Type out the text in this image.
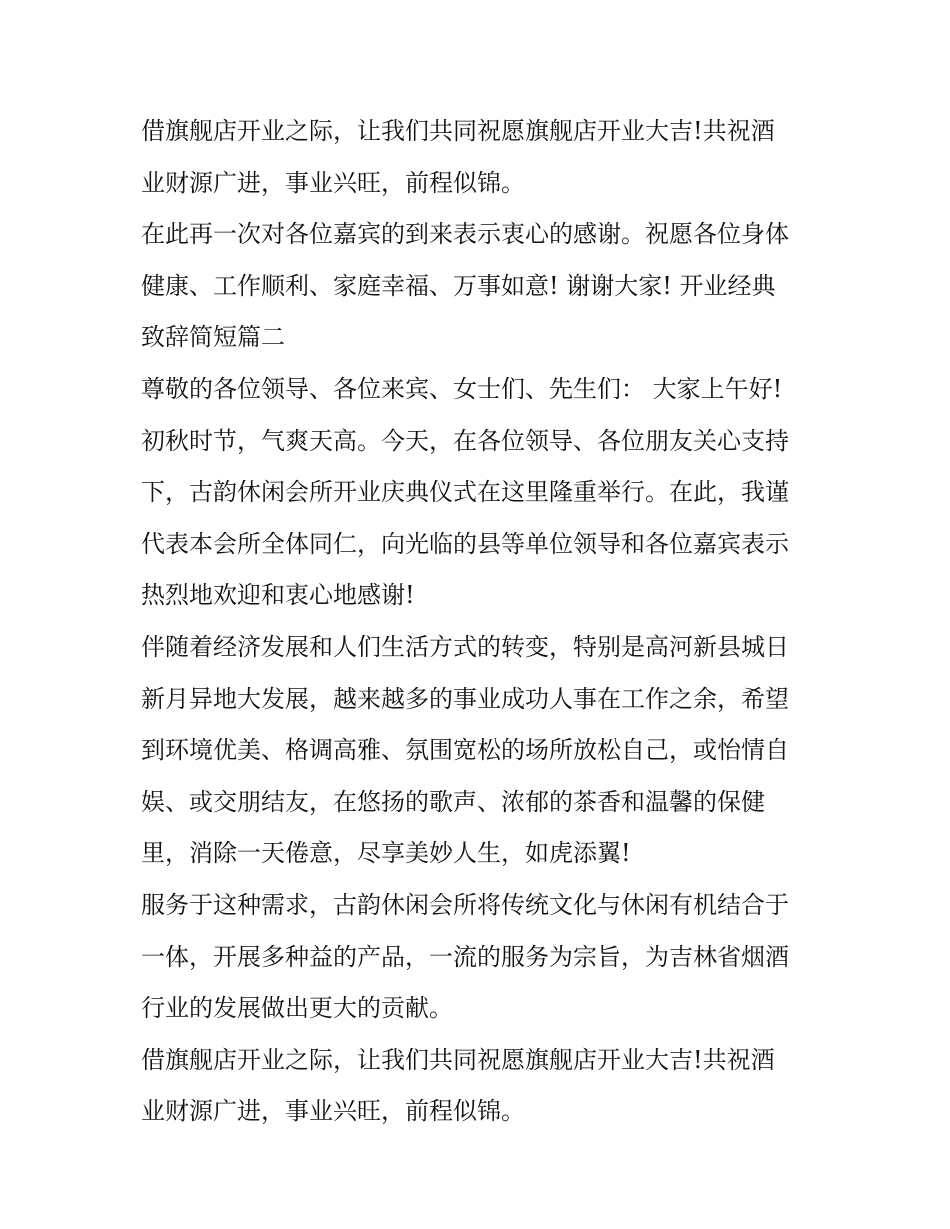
借旗舰店开业之际，让我们共同祝愿旗舰店开业大吉!共祝酒
业财源广进，事业兴旺，前程似锦。
在此再一次对各位嘉宾的到来表示衷心的感谢。祝愿各位身体
健康、工作顺利、家庭幸福、万事如意! 谢谢大家! 开业经典
致辞简短篇二
尊敬的各位领导、各位来宾、女士们、先生们： 大家上午好!
初秋时节，气爽天高。今天，在各位领导、各位朋友关心支持
下，古韵休闲会所开业庆典仪式在这里隆重举行。在此，我谨
代表本会所全体同仁，向光临的县等单位领导和各位嘉宾表示
热烈地欢迎和衷心地感谢!
伴随着经济发展和人们生活方式的转变，特别是高河新县城日
新月异地大发展，越来越多的事业成功人事在工作之余，希望
到环境优美、格调高雅、氛围宽松的场所放松自己，或怡情自
娱、或交朋结友，在悠扬的歌声、浓郁的茶香和温馨的保健
里，消除一天倦意，尽享美妙人生，如虎添翼!
服务于这种需求，古韵休闲会所将传统文化与休闲有机结合于
一体，开展多种益的产品，一流的服务为宗旨，为吉林省烟酒
行业的发展做出更大的贡献。
借旗舰店开业之际，让我们共同祝愿旗舰店开业大吉!共祝酒
业财源广进，事业兴旺，前程似锦。
